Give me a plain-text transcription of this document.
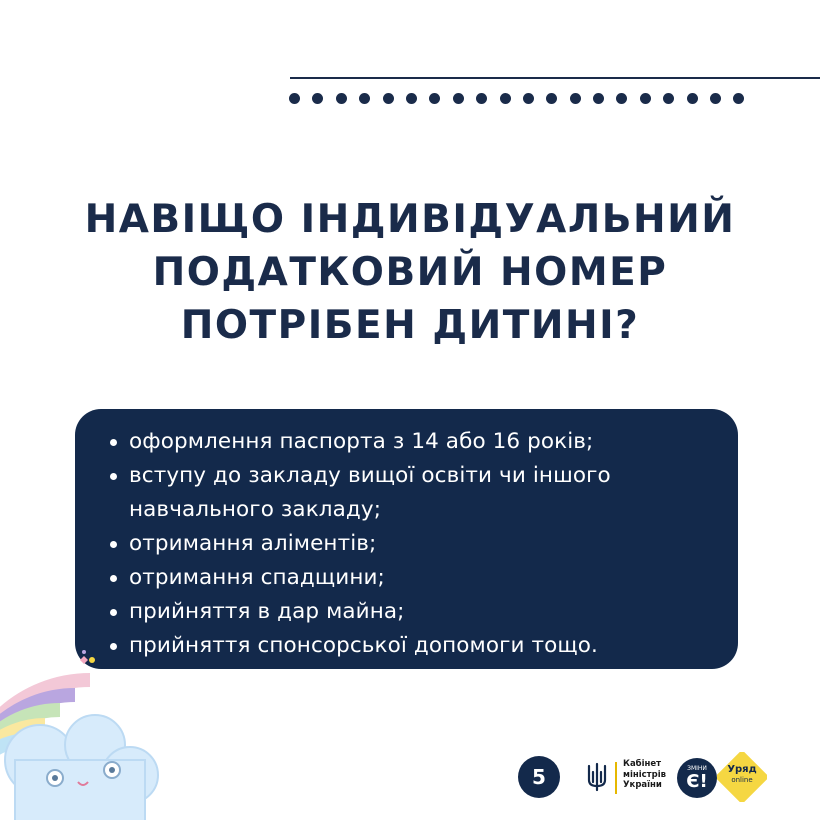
НАВІЩО ІНДИВІДУАЛЬНИЙ
ПОДАТКОВИЙ НОМЕР
ПОТРІБЕН ДИТИНІ?
оформлення паспорта з 14 або 16 років;
вступу до закладу вищої освіти чи іншого
навчального закладу;
отримання аліментів;
отримання спадщини;
прийняття в дар майна;
прийняття спонсорської допомоги тощо.
5
Кабінет
міністрів
України
ЗМІНИ
Є!
Уряд
online
